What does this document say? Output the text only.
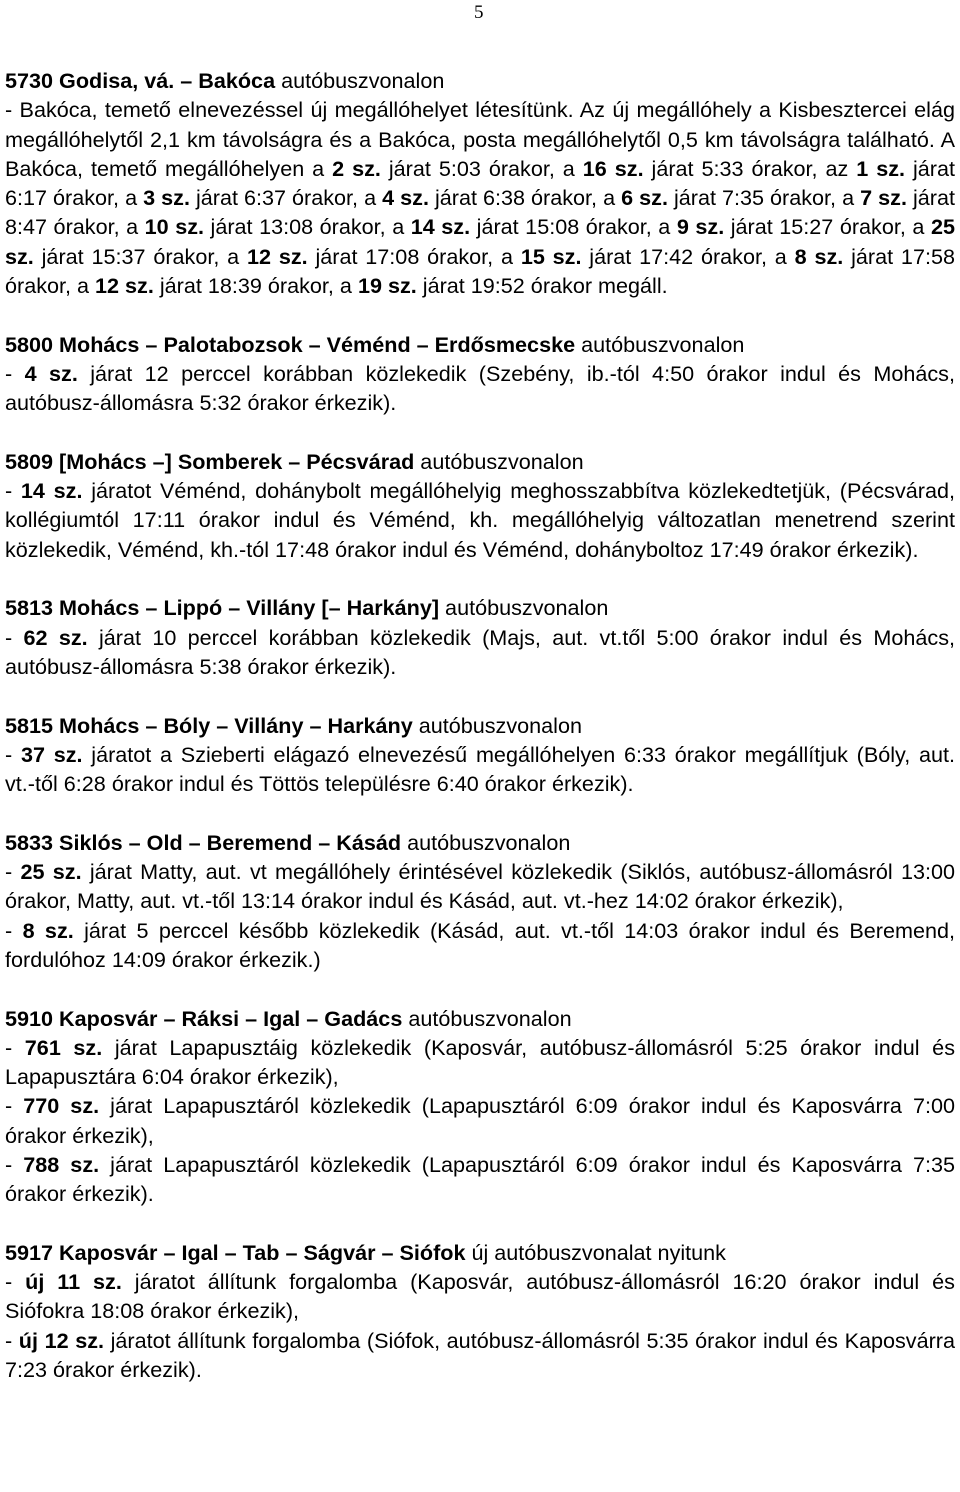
5
5730 Godisa, vá. – Bakóca autóbuszvonalon
- Bakóca, temető elnevezéssel új megállóhelyet létesítünk. Az új megállóhely a Kisbesztercei elág megállóhelytől 2,1 km távolságra és a Bakóca, posta megállóhelytől 0,5 km távolságra található. A Bakóca, temető megállóhelyen a 2 sz. járat 5:03 órakor, a 16 sz. járat 5:33 órakor, az 1 sz. járat 6:17 órakor, a 3 sz. járat 6:37 órakor, a 4 sz. járat 6:38 órakor, a 6 sz. járat 7:35 órakor, a 7 sz. járat 8:47 órakor, a 10 sz. járat 13:08 órakor, a 14 sz. járat 15:08 órakor, a 9 sz. járat 15:27 órakor, a 25 sz. járat 15:37 órakor, a 12 sz. járat 17:08 órakor, a 15 sz. járat 17:42 órakor, a 8 sz. járat 17:58 órakor, a 12 sz. járat 18:39 órakor, a 19 sz. járat 19:52 órakor megáll.
5800 Mohács – Palotabozsok – Véménd – Erdősmecske autóbuszvonalon
- 4 sz. járat 12 perccel korábban közlekedik (Szebény, ib.-tól 4:50 órakor indul és Mohács, autóbusz-állomásra 5:32 órakor érkezik).
5809 [Mohács –] Somberek – Pécsvárad autóbuszvonalon
- 14 sz. járatot Véménd, dohánybolt megállóhelyig meghosszabbítva közlekedtetjük, (Pécsvárad, kollégiumtól 17:11 órakor indul és Véménd, kh. megállóhelyig változatlan menetrend szerint közlekedik, Véménd, kh.-tól 17:48 órakor indul és Véménd, dohányboltoz 17:49 órakor érkezik).
5813 Mohács – Lippó – Villány [– Harkány] autóbuszvonalon
- 62 sz. járat 10 perccel korábban közlekedik (Majs, aut. vt.től 5:00 órakor indul és Mohács, autóbusz-állomásra 5:38 órakor érkezik).
5815 Mohács – Bóly – Villány – Harkány autóbuszvonalon
- 37 sz. járatot a Szieberti elágazó elnevezésű megállóhelyen 6:33 órakor megállítjuk (Bóly, aut. vt.-től 6:28 órakor indul és Töttös településre 6:40 órakor érkezik).
5833 Siklós – Old – Beremend – Kásád autóbuszvonalon
- 25 sz. járat Matty, aut. vt megállóhely érintésével közlekedik (Siklós, autóbusz-állomásról 13:00 órakor, Matty, aut. vt.-től 13:14 órakor indul és Kásád, aut. vt.-hez 14:02 órakor érkezik),
- 8 sz. járat 5 perccel később közlekedik (Kásád, aut. vt.-től 14:03 órakor indul és Beremend, fordulóhoz 14:09 órakor érkezik.)
5910 Kaposvár – Ráksi – Igal – Gadács autóbuszvonalon
- 761 sz. járat Lapapusztáig közlekedik (Kaposvár, autóbusz-állomásról 5:25 órakor indul és Lapapusztára 6:04 órakor érkezik),
- 770 sz. járat Lapapusztáról közlekedik (Lapapusztáról 6:09 órakor indul és Kaposvárra 7:00 órakor érkezik),
- 788 sz. járat Lapapusztáról közlekedik (Lapapusztáról 6:09 órakor indul és Kaposvárra 7:35 órakor érkezik).
5917 Kaposvár – Igal – Tab – Ságvár – Siófok új autóbuszvonalat nyitunk
- új 11 sz. járatot állítunk forgalomba (Kaposvár, autóbusz-állomásról 16:20 órakor indul és Siófokra 18:08 órakor érkezik),
- új 12 sz. járatot állítunk forgalomba (Siófok, autóbusz-állomásról 5:35 órakor indul és Kaposvárra 7:23 órakor érkezik).
